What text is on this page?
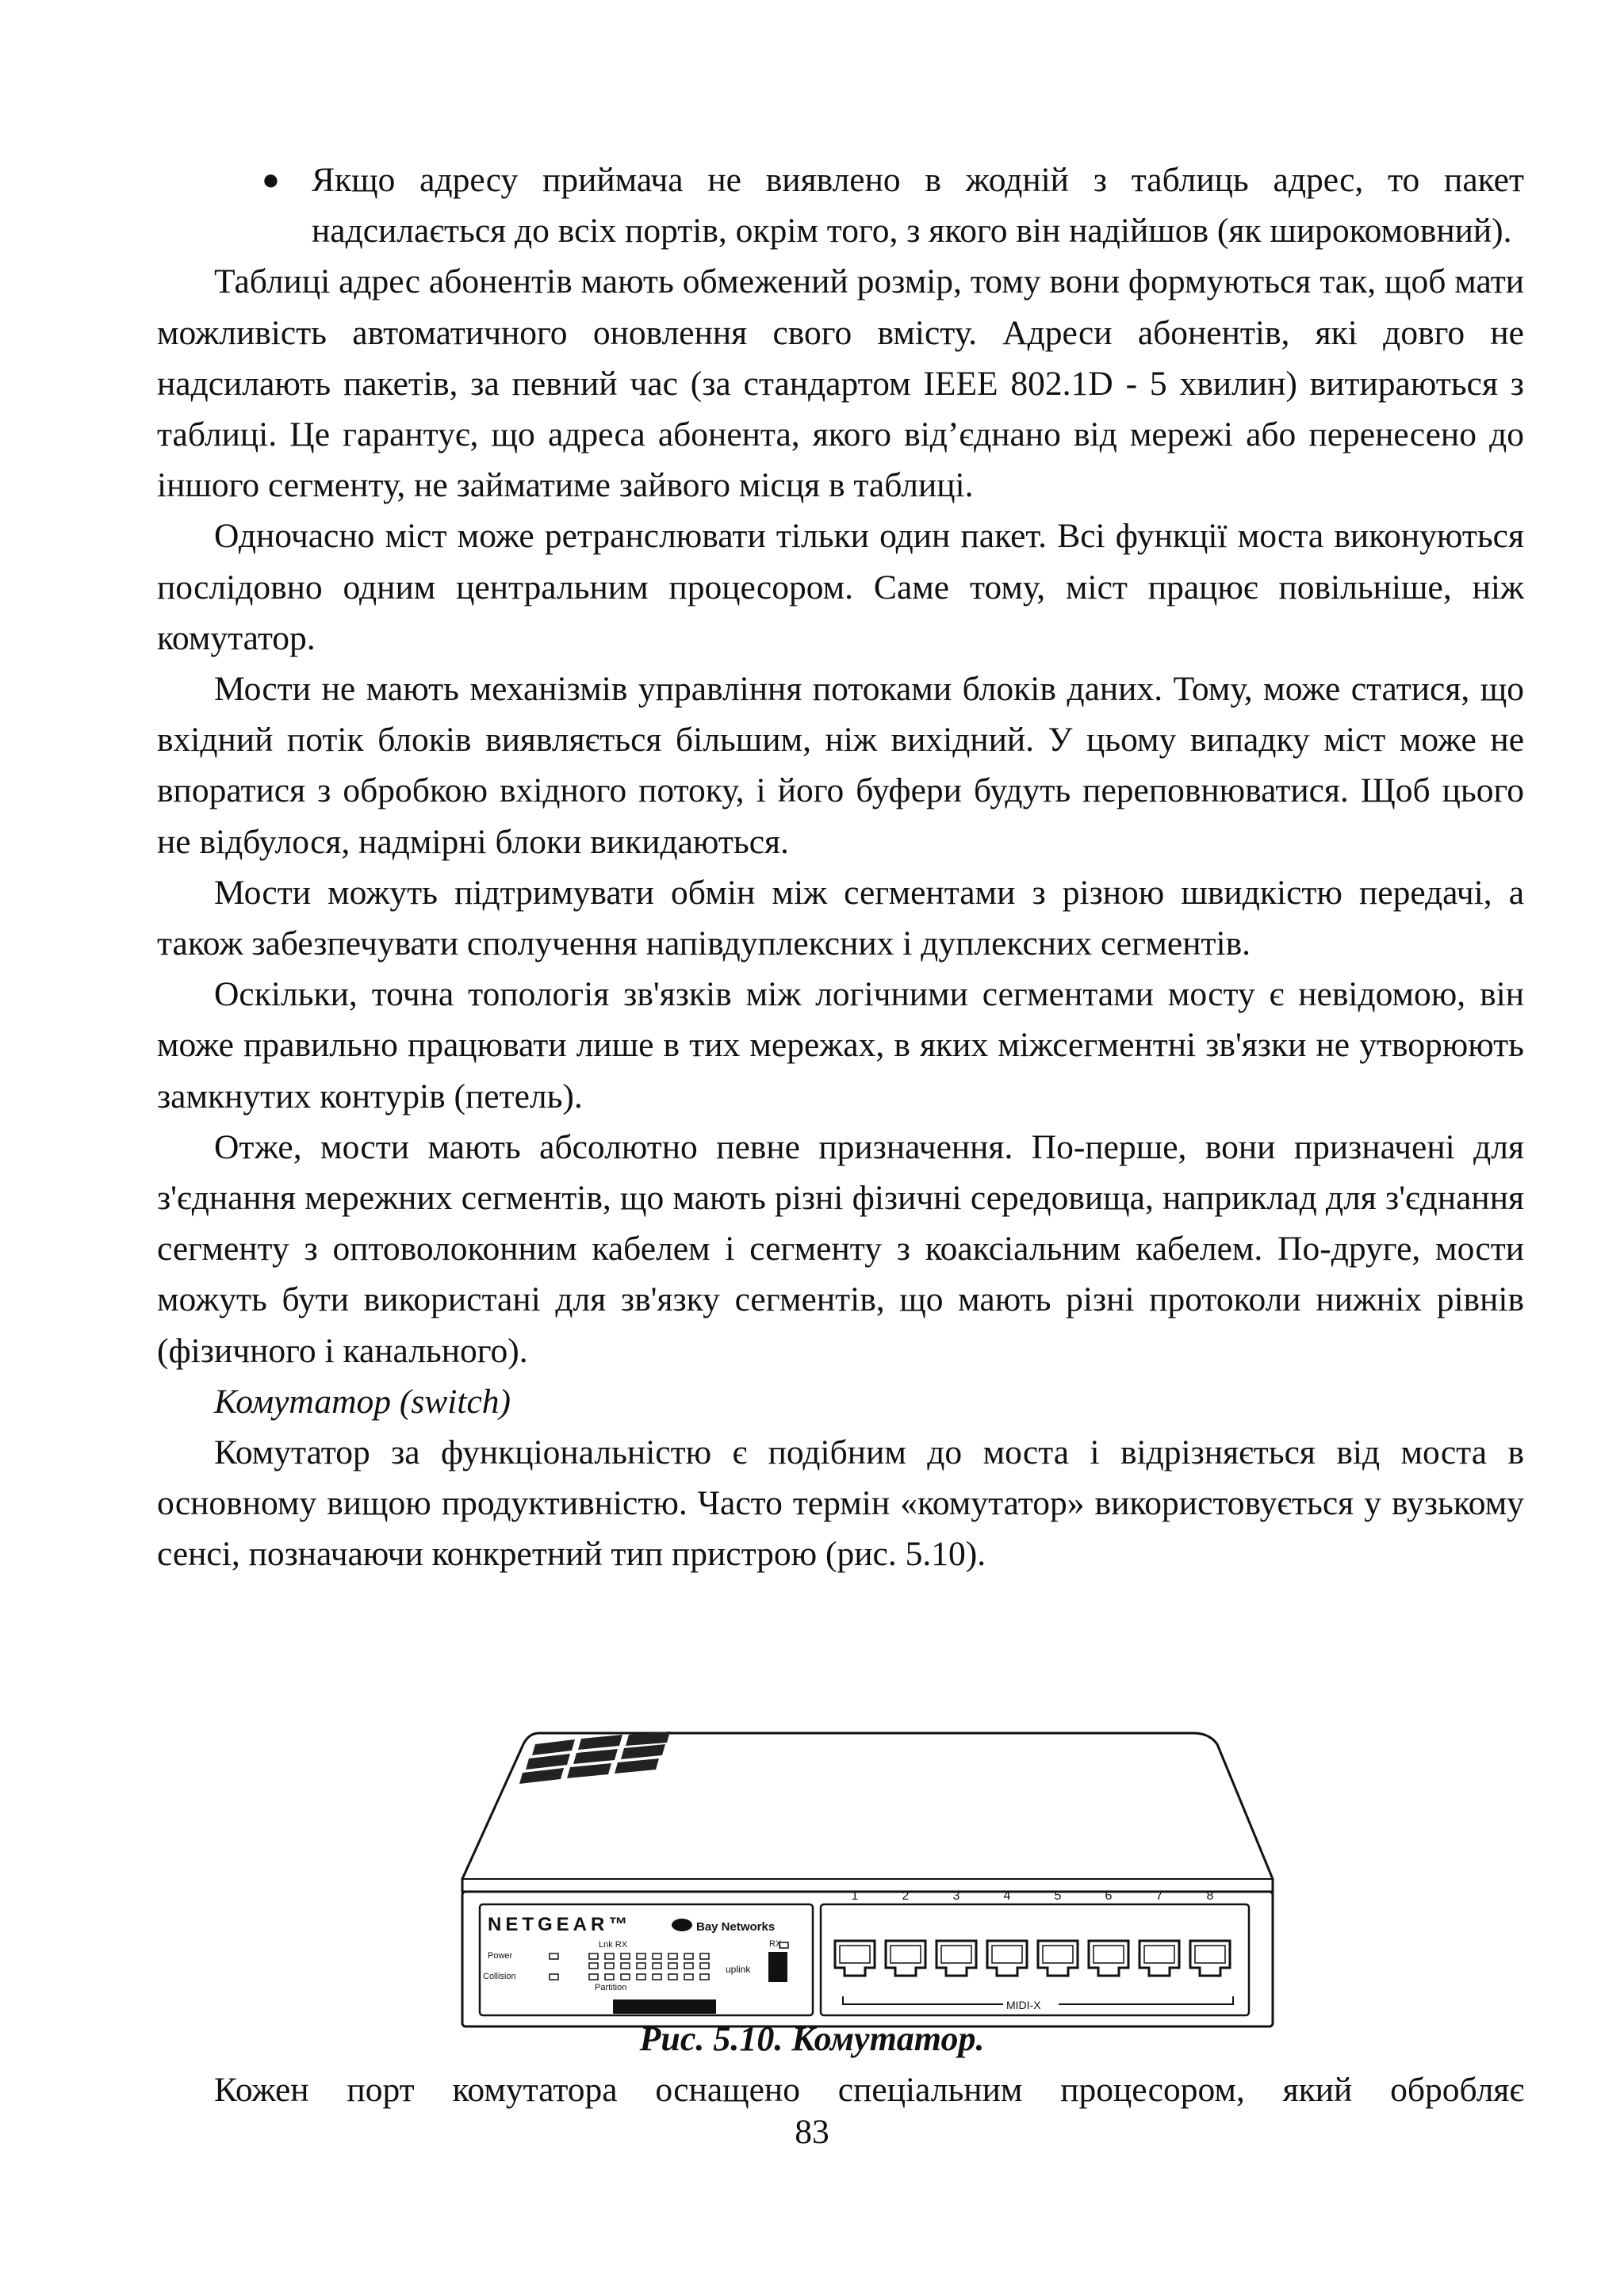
● Якщо адресу приймача не виявлено в жодній з таблиць адрес, то пакет надсилається до всіх портів, окрім того, з якого він надійшов (як широкомовний).

Таблиці адрес абонентів мають обмежений розмір, тому вони формуються так, щоб мати можливість автоматичного оновлення свого вмісту. Адреси абонентів, які довго не надсилають пакетів, за певний час (за стандартом IEEE 802.1D - 5 хвилин) витираються з таблиці. Це гарантує, що адреса абонента, якого від’єднано від мережі або перенесено до іншого сегменту, не займатиме зайвого місця в таблиці.

Одночасно міст може ретранслювати тільки один пакет. Всі функції моста виконуються послідовно одним центральним процесором. Саме тому, міст працює повільніше, ніж комутатор.

Мости не мають механізмів управління потоками блоків даних. Тому, може статися, що вхідний потік блоків виявляється більшим, ніж вихідний. У цьому випадку міст може не впоратися з обробкою вхідного потоку, і його буфери будуть переповнюватися. Щоб цього не відбулося, надмірні блоки викидаються.

Мости можуть підтримувати обмін між сегментами з різною швидкістю передачі, а також забезпечувати сполучення напівдуплексних і дуплексних сегментів.

Оскільки, точна топологія зв'язків між логічними сегментами мосту є невідомою, він може правильно працювати лише в тих мережах, в яких міжсегментні зв'язки не утворюють замкнутих контурів (петель).

Отже, мости мають абсолютно певне призначення. По-перше, вони призначені для з'єднання мережних сегментів, що мають різні фізичні середовища, наприклад для з'єднання сегменту з оптоволоконним кабелем і сегменту з коаксіальним кабелем. По-друге, мости можуть бути використані для зв'язку сегментів, що мають різні протоколи нижніх рівнів (фізичного і канального).

Комутатор (switch)

Комутатор за функціональністю є подібним до моста і відрізняється від моста в основному вищою продуктивністю. Часто термін «комутатор» використовується у вузькому сенсі, позначаючи конкретний тип пристрою (рис. 5.10).

NETGEAR™	Bay Networks
Power
Collision
Lnk RX
Partition
uplink
RX
1	2	3	4	5	6	7	8
MIDI-X
Рис. 5.10. Комутатор.
Кожен порт комутатора оснащено спеціальним процесором, який обробляє
83
